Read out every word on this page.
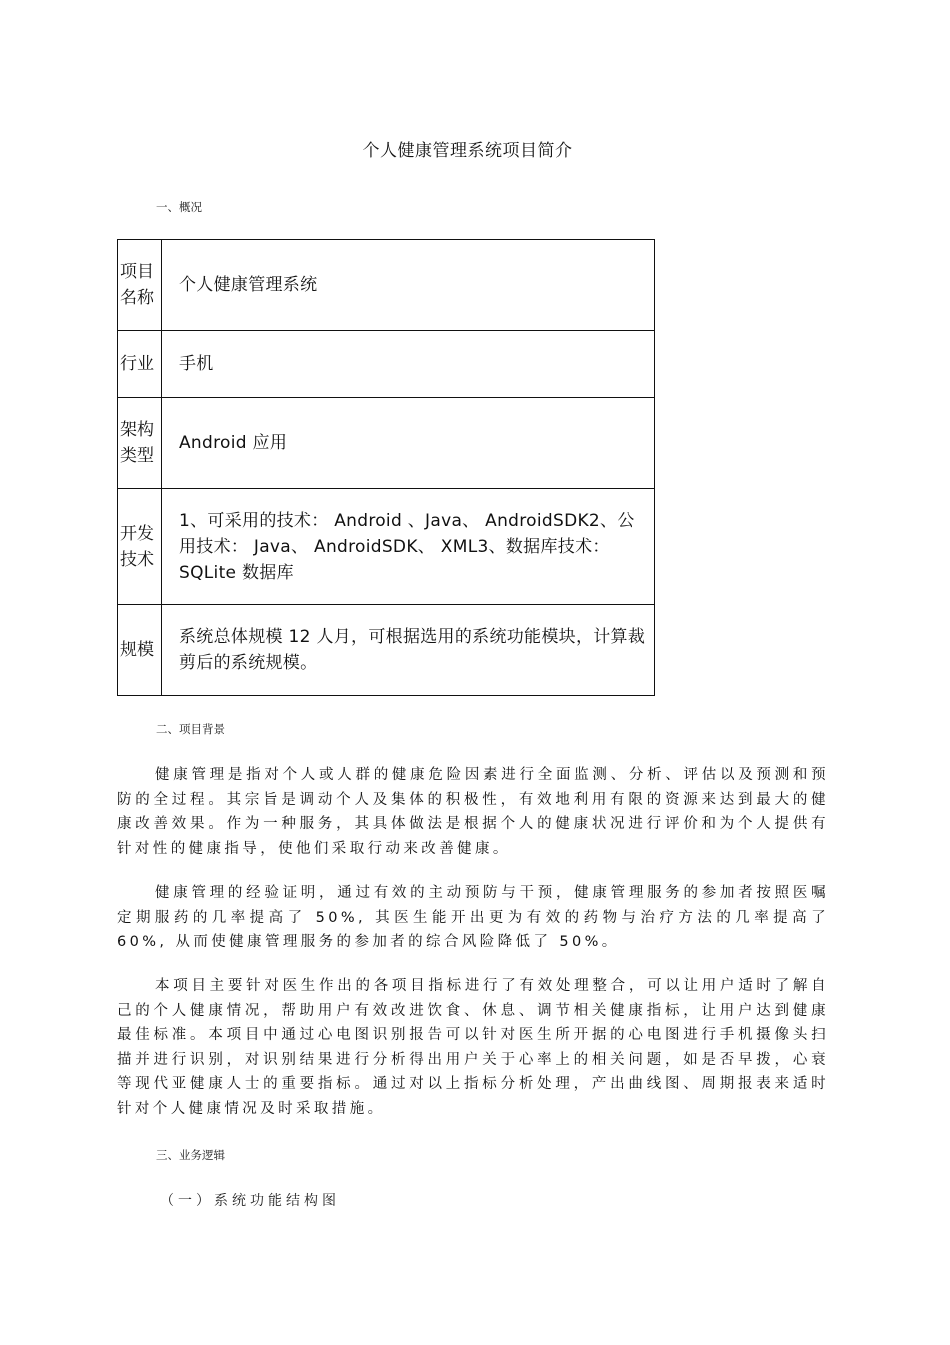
个人健康管理系统项目简介
一、概况
项目名称	个人健康管理系统
行业	手机
架构类型	Android 应用
开发技术	1、可采用的技术： Android 、Java、 AndroidSDK2、公用技术： Java、 AndroidSDK、 XML3、数据库技术： SQLite 数据库
规模	系统总体规模 12 人月，可根据选用的系统功能模块，计算裁剪后的系统规模。
二、项目背景

健康管理是指对个人或人群的健康危险因素进行全面监测、分析、评估以及预测和预防的全过程。其宗旨是调动个人及集体的积极性，有效地利用有限的资源来达到最大的健康改善效果。作为一种服务，其具体做法是根据个人的健康状况进行评价和为个人提供有针对性的健康指导，使他们采取行动来改善健康。

健康管理的经验证明，通过有效的主动预防与干预，健康管理服务的参加者按照医嘱定期服药的几率提高了 50%, 其医生能开出更为有效的药物与治疗方法的几率提高了 60%, 从而使健康管理服务的参加者的综合风险降低了 50%。

本项目主要针对医生作出的各项目指标进行了有效处理整合，可以让用户适时了解自己的个人健康情况，帮助用户有效改进饮食、休息、调节相关健康指标，让用户达到健康最佳标准。本项目中通过心电图识别报告可以针对医生所开据的心电图进行手机摄像头扫描并进行识别，对识别结果进行分析得出用户关于心率上的相关问题，如是否早拨，心衰等现代亚健康人士的重要指标。通过对以上指标分析处理，产出曲线图、周期报表来适时针对个人健康情况及时采取措施。

三、业务逻辑
（一）系统功能结构图
